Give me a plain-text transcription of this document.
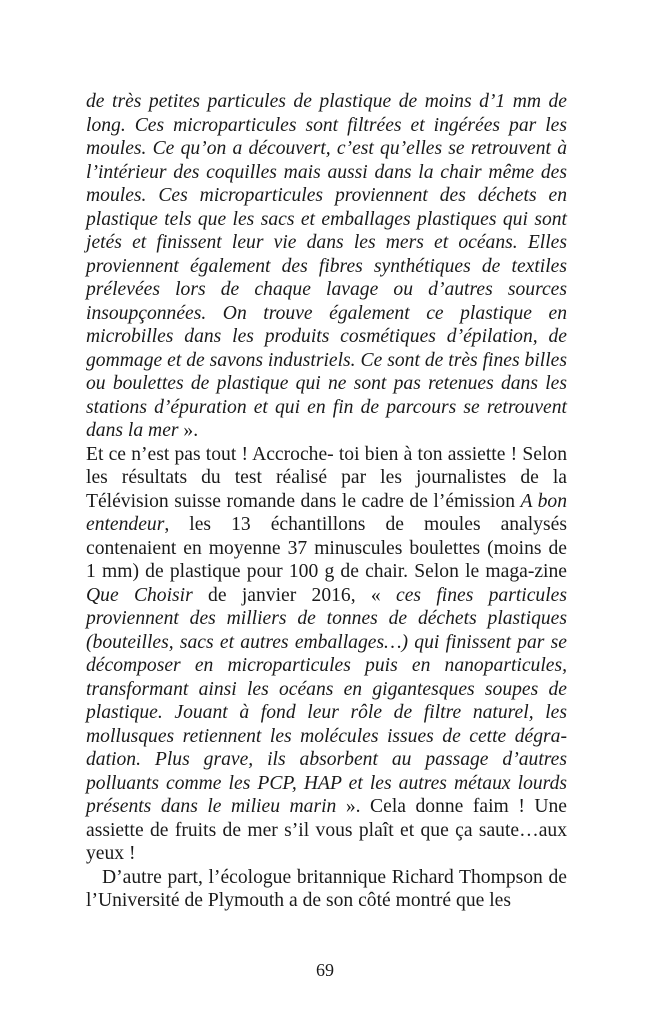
de très petites particules de plastique de moins d’1 mm de long. Ces microparticules sont filtrées et ingérées par les moules. Ce qu’on a découvert, c’est qu’elles se retrouvent à l’intérieur des coquilles mais aussi dans la chair même des moules. Ces microparticules proviennent des déchets en plastique tels que les sacs et emballages plastiques qui sont jetés et finissent leur vie dans les mers et océans. Elles proviennent également des fibres synthétiques de textiles prélevées lors de chaque lavage ou d’autres sources insoupçonnées. On trouve également ce plastique en microbilles dans les produits cosmétiques d’épilation, de gommage et de savons industriels. Ce sont de très fines billes ou boulettes de plastique qui ne sont pas retenues dans les stations d’épuration et qui en fin de parcours se retrouvent dans la mer ».

Et ce n’est pas tout ! Accroche- toi bien à ton assiette ! Selon les résultats du test réalisé par les journalistes de la Télévision suisse romande dans le cadre de l’émission A bon entendeur, les 13 échantillons de moules analysés contenaient en moyenne 37 minuscules boulettes (moins de 1 mm) de plastique pour 100 g de chair. Selon le maga-zine Que Choisir de janvier 2016, « ces fines particules proviennent des milliers de tonnes de déchets plastiques (bouteilles, sacs et autres emballages…) qui finissent par se décomposer en microparticules puis en nanoparticules, transformant ainsi les océans en gigantesques soupes de plastique. Jouant à fond leur rôle de filtre naturel, les mollusques retiennent les molécules issues de cette dégra-dation. Plus grave, ils absorbent au passage d’autres polluants comme les PCP, HAP et les autres métaux lourds présents dans le milieu marin ». Cela donne faim ! Une assiette de fruits de mer s’il vous plaît et que ça saute…aux yeux !

D’autre part, l’écologue britannique Richard Thompson de l’Université de Plymouth a de son côté montré que les

69
